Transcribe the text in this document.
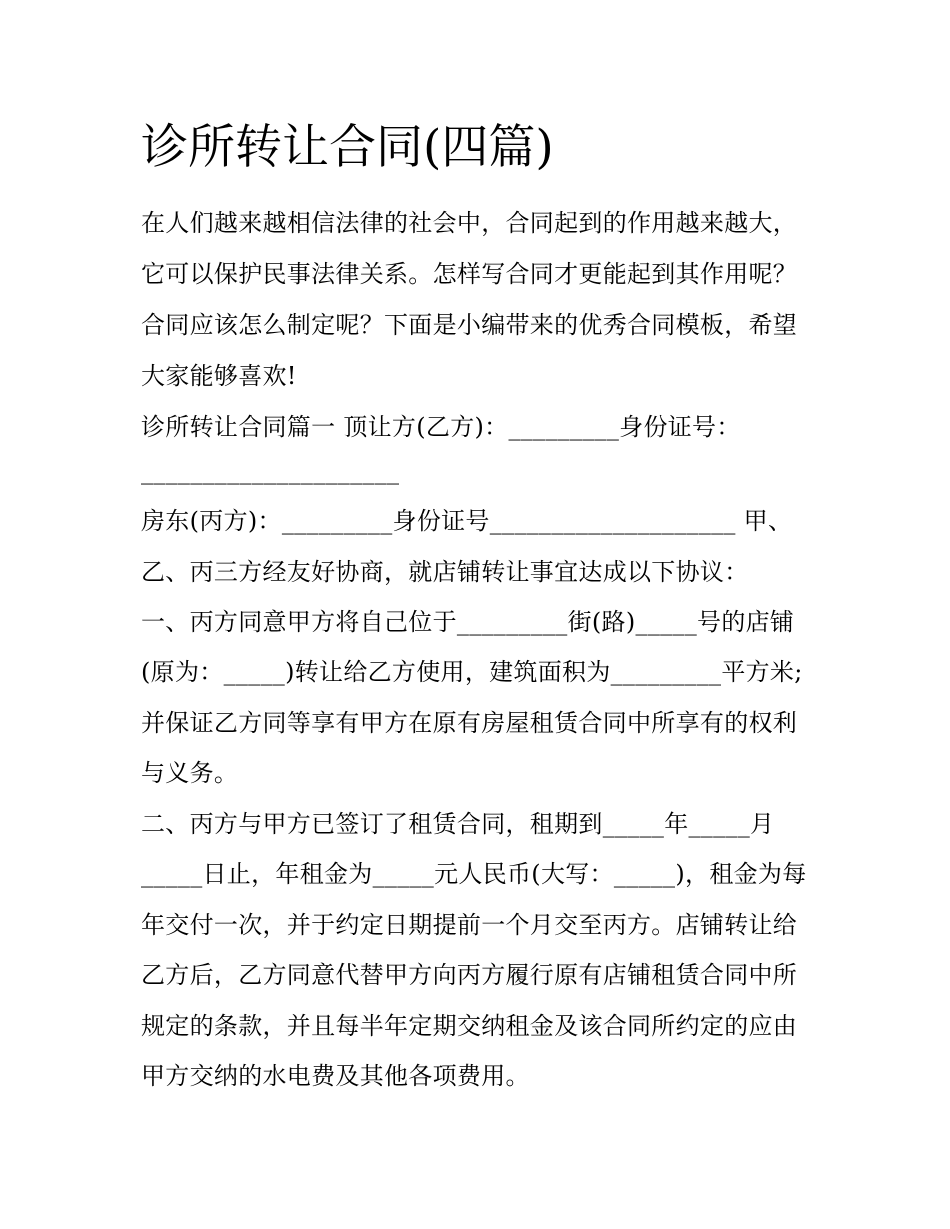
诊所转让合同(四篇)

在人们越来越相信法律的社会中，合同起到的作用越来越大，

它可以保护民事法律关系。怎样写合同才更能起到其作用呢？

合同应该怎么制定呢？下面是小编带来的优秀合同模板，希望

大家能够喜欢!

诊所转让合同篇一 顶让方(乙方)：_________身份证号：

_____________________

房东(丙方)：_________身份证号____________________ 甲、

乙、丙三方经友好协商，就店铺转让事宜达成以下协议：

一、丙方同意甲方将自己位于_________街(路)_____号的店铺

(原为：_____)转让给乙方使用，建筑面积为_________平方米;

并保证乙方同等享有甲方在原有房屋租赁合同中所享有的权利

与义务。

二、丙方与甲方已签订了租赁合同，租期到_____年_____月

_____日止，年租金为_____元人民币(大写：_____)，租金为每

年交付一次，并于约定日期提前一个月交至丙方。店铺转让给

乙方后，乙方同意代替甲方向丙方履行原有店铺租赁合同中所

规定的条款，并且每半年定期交纳租金及该合同所约定的应由

甲方交纳的水电费及其他各项费用。
